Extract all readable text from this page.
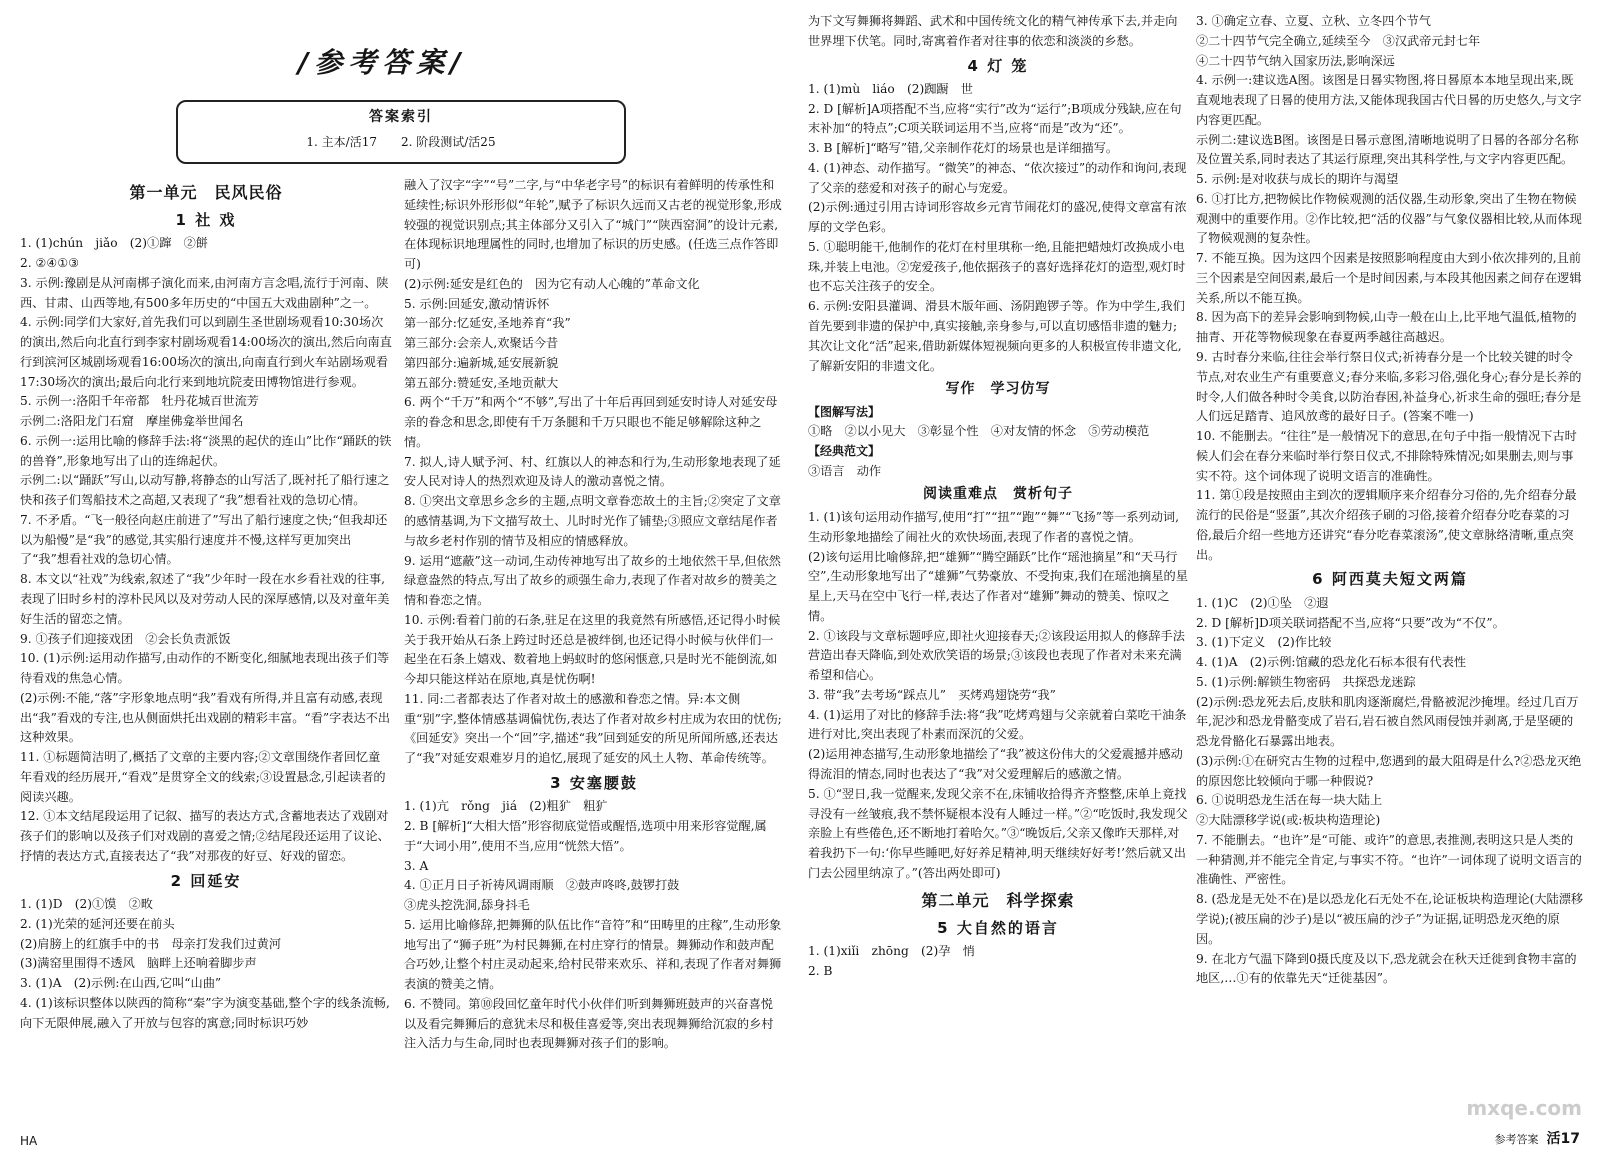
/参考答案/
答案索引
1. 主本/活17　　2. 阶段测试/活25
第一单元　民风民俗
1 社 戏

1. (1)chún　jiǎo　(2)①蹿　②餅

2. ②④①③

3. 示例:豫剧是从河南梆子演化而来,由河南方言念唱,流行于河南、陕西、甘肃、山西等地,有500多年历史的“中国五大戏曲剧种”之一。

4. 示例:同学们大家好,首先我们可以到剧生圣世剧场观看10:30场次的演出,然后向北直行到李家村剧场观看14:00场次的演出,然后向南直行到滨河区城剧场观看16:00场次的演出,向南直行到火车站剧场观看17:30场次的演出;最后向北行来到地坑院麦田博物馆进行参观。

5. 示例一:洛阳千年帝都　牡丹花城百世流芳

示例二:洛阳龙门石窟　摩崖佛龛举世闻名

6. 示例一:运用比喻的修辞手法:将“淡黑的起伏的连山”比作“踊跃的铁的兽脊”,形象地写出了山的连绵起伏。

示例二:以“踊跃”写山,以动写静,将静态的山写活了,既衬托了船行速之快和孩子们驾船技术之高超,又表现了“我”想看社戏的急切心情。

7. 不矛盾。“飞一般径向赵庄前进了”写出了船行速度之快;“但我却还以为船慢”是“我”的感觉,其实船行速度并不慢,这样写更加突出了“我”想看社戏的急切心情。

8. 本文以“社戏”为线索,叙述了“我”少年时一段在水乡看社戏的往事,表现了旧时乡村的淳朴民风以及对劳动人民的深厚感情,以及对童年美好生活的留恋之情。

9. ①孩子们迎接戏团　②会长负责派饭

10. (1)示例:运用动作描写,由动作的不断变化,细腻地表现出孩子们等待看戏的焦急心情。

(2)示例:不能,“落”字形象地点明“我”看戏有所得,并且富有动感,表现出“我”看戏的专注,也从侧面烘托出戏剧的精彩丰富。“看”字表达不出这种效果。

11. ①标题简洁明了,概括了文章的主要内容;②文章围绕作者回忆童年看戏的经历展开,“看戏”是贯穿全文的线索;③设置悬念,引起读者的阅读兴趣。

12. ①本文结尾段运用了记叙、描写的表达方式,含蓄地表达了戏剧对孩子们的影响以及孩子们对戏剧的喜爱之情;②结尾段还运用了议论、抒情的表达方式,直接表达了“我”对那夜的好豆、好戏的留恋。

2 回延安

1. (1)D　(2)①馍　②畋

2. (1)光荣的延河还要在前头

(2)肩膀上的红旗手中的书　母亲打发我们过黄河

(3)满窑里围得不透风　脑畔上还响着脚步声

3. (1)A　(2)示例:在山西,它叫“山曲”

4. (1)该标识整体以陕西的简称“秦”字为演变基础,整个字的线条流畅,向下无限伸展,融入了开放与包容的寓意;同时标识巧妙

融入了汉字“字”“号”二字,与“中华老字号”的标识有着鲜明的传承性和延续性;标识外形形似“年轮”,赋予了标识久远而又古老的视觉形象,形成较强的视觉识别点;其主体部分又引入了“城门”“陕西窑洞”的设计元素,在体现标识地理属性的同时,也增加了标识的历史感。(任选三点作答即可)

(2)示例:延安是红色的　因为它有动人心魄的”革命文化

5. 示例:回延安,激动情诉怀

第一部分:忆延安,圣地养育“我”

第三部分:会亲人,欢聚话今昔

第四部分:遍新城,延安展新貌

第五部分:赞延安,圣地贡献大

6. 两个“千万”和两个“不够”,写出了十年后再回到延安时诗人对延安母亲的眷念和思念,即使有千万条腿和千万只眼也不能足够解除这种之情。

7. 拟人,诗人赋予河、村、红旗以人的神态和行为,生动形象地表现了延安人民对诗人的热烈欢迎及诗人的激动喜悦之情。

8. ①突出文章思乡念乡的主题,点明文章眷恋故土的主旨;②突定了文章的感情基调,为下文描写故土、儿时时光作了铺垫;③照应文章结尾作者与故乡老村作别的情节及相应的情感释放。

9. 运用“遮蔽”这一动词,生动传神地写出了故乡的土地依然干旱,但依然绿意盎然的特点,写出了故乡的顽强生命力,表现了作者对故乡的赞美之情和眷恋之情。

10. 示例:看着门前的石条,驻足在这里的我竟然有所感悟,还记得小时候关于我开始从石条上跨过时还总是被绊倒,也还记得小时候与伙伴们一起坐在石条上嬉戏、数着地上蚂蚁时的悠闲惬意,只是时光不能倒流,如今却只能这样站在原地,真是忧伤啊!

11. 同:二者都表达了作者对故土的感激和眷恋之情。异:本文侧重“别”字,整体情感基调偏忧伤,表达了作者对故乡村庄成为农田的忧伤;《回延安》突出一个“回”字,描述“我”回到延安的所见所闻所感,还表达了“我”对延安艰难岁月的追忆,展现了延安的风土人物、革命传统等。

3 安塞腰鼓

1. (1)亢　rǒng　jiá　(2)粗犷　粗犷

2. B [解析]“大相大悟”形容彻底觉悟或醒悟,选项中用来形容觉醒,属于“大词小用”,使用不当,应用“恍然大悟”。

3. A

4. ①正月日子祈祷风调雨顺　②鼓声咚咚,鼓锣打鼓

③虎头挖洗洞,舔身抖毛

5. 运用比喻修辞,把舞狮的队伍比作“音符”和“田畴里的庄稼”,生动形象地写出了“狮子班”为村民舞狮,在村庄穿行的情景。舞狮动作和鼓声配合巧妙,让整个村庄灵动起来,给村民带来欢乐、祥和,表现了作者对舞狮表演的赞美之情。

6. 不赞同。第⑩段回忆童年时代小伙伴们听到舞狮班鼓声的兴奋喜悦以及看完舞狮后的意犹未尽和极佳喜爱等,突出表现舞狮给沉寂的乡村注入活力与生命,同时也表现舞狮对孩子们的影响。

HA

为下文写舞狮将舞蹈、武术和中国传统文化的精气神传承下去,并走向世界埋下伏笔。同时,寄寓着作者对往事的依恋和淡淡的乡愁。

4 灯 笼

1. (1)mù　liáo　(2)踟蹰　世

2. D [解析]A项搭配不当,应将“实行”改为“运行”;B项成分残缺,应在句末补加“的特点”;C项关联词运用不当,应将“而是”改为“还”。

3. B [解析]“略写”错,父亲制作花灯的场景也是详细描写。

4. (1)神态、动作描写。“微笑”的神态、“依次接过”的动作和询问,表现了父亲的慈爱和对孩子的耐心与宠爱。

(2)示例:通过引用古诗词形容故乡元宵节闹花灯的盛况,使得文章富有浓厚的文学色彩。

5. ①聪明能干,他制作的花灯在村里琪称一绝,且能把蜡烛灯改换成小电珠,并装上电池。②宠爱孩子,他依据孩子的喜好选择花灯的造型,观灯时也不忘关注孩子的安全。

6. 示例:安阳县灌调、滑县木版年画、汤阴跑锣子等。作为中学生,我们首先要到非遗的保护中,真实接触,亲身参与,可以直切感悟非遗的魅力;其次让文化“活”起来,借助新媒体短视频向更多的人积极宣传非遗文化,了解新安阳的非遗文化。

写作　学习仿写
【图解写法】

①略　②以小见大　③彰显个性　④对友情的怀念　⑤劳动模范

【经典范文】

③语言　动作

阅读重难点　赏析句子

1. (1)该句运用动作描写,使用“打”“扭”“跑”“舞”“飞扬”等一系列动词,生动形象地描绘了闹社火的欢快场面,表现了作者的喜悦之情。

(2)该句运用比喻修辞,把“雄狮”“腾空踊跃”比作“瑶池摘星”和“天马行空”,生动形象地写出了“雄狮”气势豪放、不受拘束,我们在瑶池摘星的星星上,天马在空中飞行一样,表达了作者对“雄狮”舞动的赞美、惊叹之情。

2. ①该段与文章标题呼应,即社火迎接春天;②该段运用拟人的修辞手法营造出春天降临,到处欢欣笑语的场景;③该段也表现了作者对未来充满希望和信心。

3. 带“我”去考场“踩点儿”　买烤鸡翅饶劳“我”

4. (1)运用了对比的修辞手法:将“我”吃烤鸡翅与父亲就着白菜吃干油条进行对比,突出表现了朴素而深沉的父爱。

(2)运用神态描写,生动形象地描绘了“我”被这份伟大的父爱震撼并感动得流泪的情态,同时也表达了“我”对父爱理解后的感激之情。

5. ①“翌日,我一觉醒来,发现父亲不在,床铺收拾得齐齐整整,床单上竟找寻没有一丝皱痕,我不禁怀疑根本没有人睡过一样。”②“吃饭时,我发现父亲脸上有些倦色,还不断地打着哈欠。”③“晚饭后,父亲又像昨天那样,对着我扔下一句:‘你早些睡吧,好好养足精神,明天继续好好考!’然后就又出门去公园里纳凉了。”(答出两处即可)

第二单元　科学探索
5 大自然的语言

1. (1)xiǐi　zhōng　(2)孕　悄

2. B

3. ①确定立春、立夏、立秋、立冬四个节气

②二十四节气完全确立,延续至今　③汉武帝元封七年

④二十四节气纳入国家历法,影响深远

4. 示例一:建议选A图。该图是日晷实物图,将日晷原本本地呈现出来,既直观地表现了日晷的使用方法,又能体现我国古代日晷的历史悠久,与文字内容更匹配。

示例二:建议选B图。该图是日晷示意图,清晰地说明了日晷的各部分名称及位置关系,同时表达了其运行原理,突出其科学性,与文字内容更匹配。

5. 示例:是对收获与成长的期许与渴望

6. ①打比方,把物候比作物候观测的活仪器,生动形象,突出了生物在物候观测中的重要作用。②作比较,把“活的仪器”与气象仪器相比较,从而体现了物候观测的复杂性。

7. 不能互换。因为这四个因素是按照影响程度由大到小依次排列的,且前三个因素是空间因素,最后一个是时间因素,与本段其他因素之间存在逻辑关系,所以不能互换。

8. 因为高下的差异会影响到物候,山寺一般在山上,比平地气温低,植物的抽青、开花等物候现象在春夏两季越往高越迟。

9. 古时春分来临,往往会举行祭日仪式;祈祷春分是一个比较关键的时令节点,对农业生产有重要意义;春分来临,多彩习俗,强化身心;春分是长养的时令,人们做各种时令美食,以防治春困,补益身心,祈求生命的强旺;春分是人们远足踏青、追风放鸢的最好日子。(答案不唯一)

10. 不能删去。“往往”是一般情况下的意思,在句子中指一般情况下古时候人们会在春分来临时举行祭日仪式,不排除特殊情况;如果删去,则与事实不符。这个词体现了说明文语言的准确性。

11. 第①段是按照由主到次的逻辑顺序来介绍春分习俗的,先介绍春分最流行的民俗是“竖蛋”,其次介绍孩子刷的习俗,接着介绍春分吃春菜的习俗,最后介绍一些地方还讲究“春分吃春菜滚汤”,使文章脉络清晰,重点突出。

6 阿西莫夫短文两篇

1. (1)C　(2)①坠　②遐

2. D [解析]D项关联词搭配不当,应将“只要”改为“不仅”。

3. (1)下定义　(2)作比较

4. (1)A　(2)示例:馆藏的恐龙化石标本很有代表性

5. (1)示例:解锁生物密码　共探恐龙迷踪

(2)示例:恐龙死去后,皮肤和肌肉逐渐腐烂,骨骼被泥沙掩埋。经过几百万年,泥沙和恐龙骨骼变成了岩石,岩石被自然风雨侵蚀并剥离,于是坚硬的恐龙骨骼化石暴露出地表。

(3)示例:①在研究古生物的过程中,您遇到的最大阻碍是什么?②恐龙灭绝的原因您比较倾向于哪一种假说?

6. ①说明恐龙生活在每一块大陆上

②大陆漂移学说(或:板块构造理论)

7. 不能删去。“也许”是“可能、或许”的意思,表推测,表明这只是人类的一种猜测,并不能完全肯定,与事实不符。“也许”一词体现了说明文语言的准确性、严密性。

8. (恐龙是无处不在)是以恐龙化石无处不在,论证板块构造理论(大陆漂移学说);(被压扁的沙子)是以“被压扁的沙子”为证据,证明恐龙灭绝的原因。

9. 在北方气温下降到0摄氏度及以下,恐龙就会在秋天迁徙到食物丰富的地区,…①有的依靠先天“迁徙基因”。

mxqe.com
参考答案 活17
